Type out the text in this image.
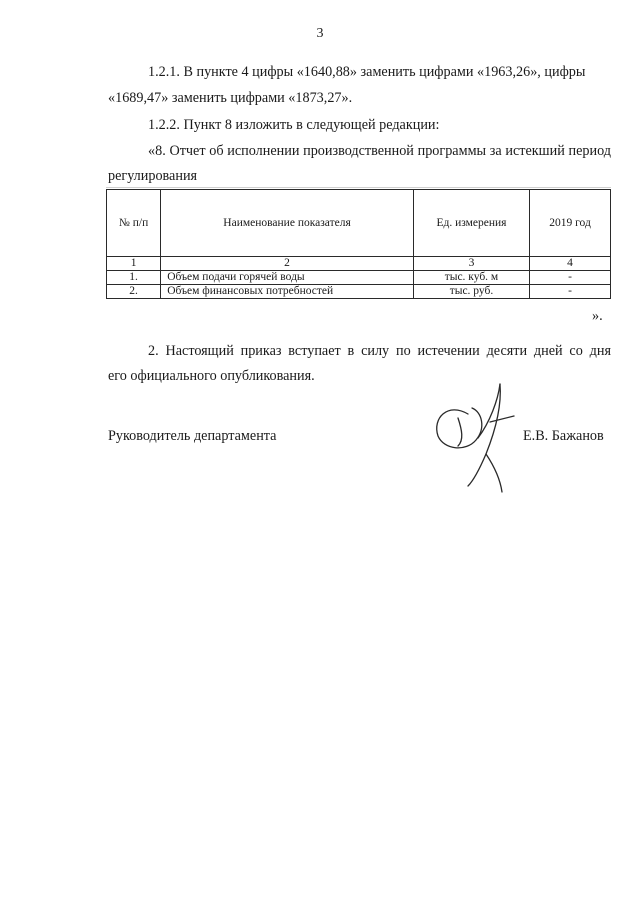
3
1.2.1. В пункте 4 цифры «1640,88» заменить цифрами «1963,26», цифры
«1689,47» заменить цифрами «1873,27».
1.2.2. Пункт 8 изложить в следующей редакции:
«8. Отчет об исполнении производственной программы за истекший период
регулирования
№ п/п	Наименование показателя	Ед. измерения	2019 год
1	2	3	4
1.	Объем подачи горячей воды	тыс. куб. м	-
2.	Объем финансовых потребностей	тыс. руб.	-
».
2. Настоящий приказ вступает в силу по истечении десяти дней со дня
его официального опубликования.
Руководитель департамента	Е.В. Бажанов
